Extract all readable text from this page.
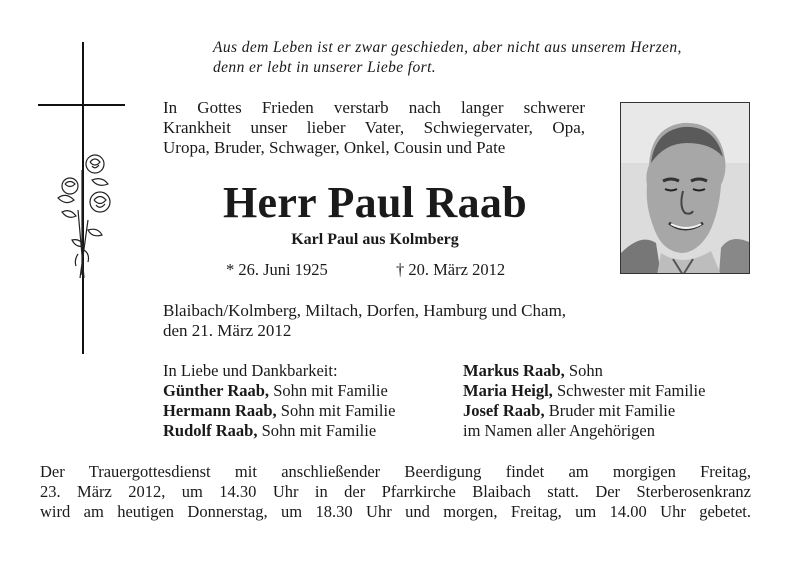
Aus dem Leben ist er zwar geschieden, aber nicht aus unserem Herzen,
denn er lebt in unserer Liebe fort.
In Gottes Frieden verstarb nach langer schwerer
Krankheit unser lieber Vater, Schwiegervater, Opa,
Uropa, Bruder, Schwager, Onkel, Cousin und Pate
Herr Paul Raab
Karl Paul aus Kolmberg
* 26. Juni 1925	† 20. März 2012
Blaibach/Kolmberg, Miltach, Dorfen, Hamburg und Cham,
den 21. März 2012
In Liebe und Dankbarkeit:
Günther Raab, Sohn mit Familie
Hermann Raab, Sohn mit Familie
Rudolf Raab, Sohn mit Familie
Markus Raab, Sohn
Maria Heigl, Schwester mit Familie
Josef Raab, Bruder mit Familie
im Namen aller Angehörigen
Der Trauergottesdienst mit anschließender Beerdigung findet am morgigen Freitag,
23. März 2012, um 14.30 Uhr in der Pfarrkirche Blaibach statt. Der Sterberosenkranz
wird am heutigen Donnerstag, um 18.30 Uhr und morgen, Freitag, um 14.00 Uhr gebetet.
